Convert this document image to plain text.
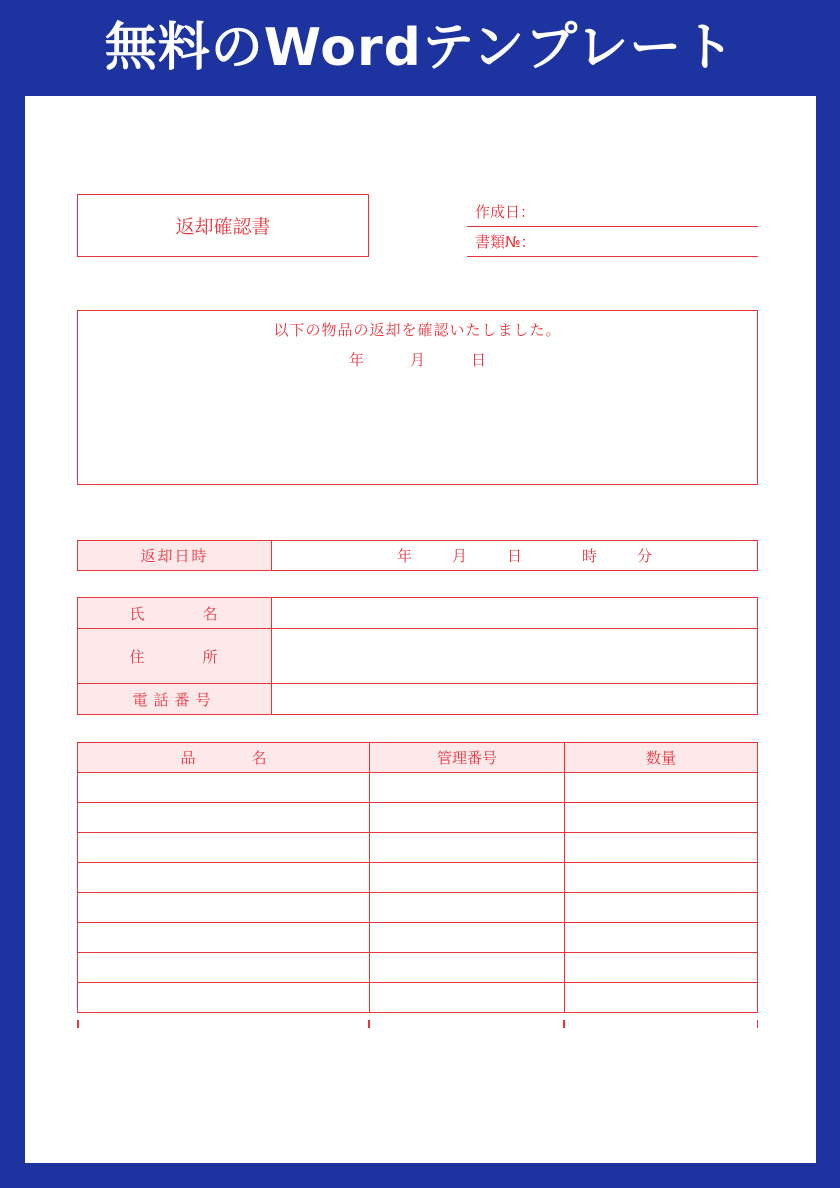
無料のWordテンプレート
返却確認書
作成日：
書類№：
以下の物品の返却を確認いたしました。
年	月	日
返却日時	年	月	日	時	分
氏 名	
住 所	
電話番号	
品 名	管理番号	数量
